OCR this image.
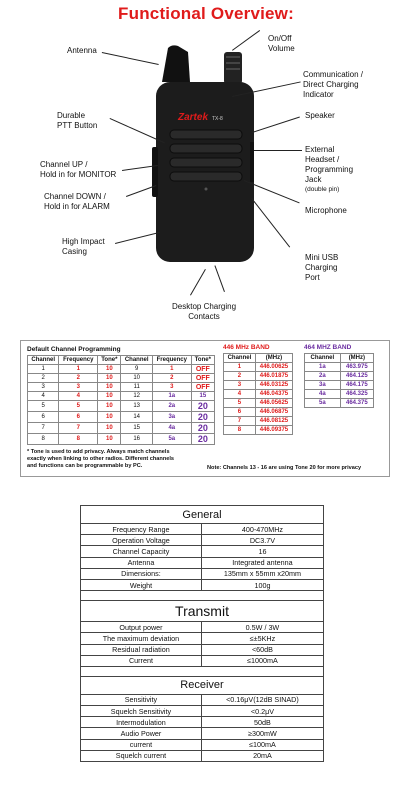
Functional Overview:
Zartek TX-8
Antenna
On/Off
Volume
Communication /
Direct Charging
Indicator
Durable
PTT Button
Speaker
Channel UP /
Hold in for MONITOR
External
Headset /
Programming
Jack
(double pin)
Channel DOWN /
Hold in for ALARM	Microphone
High Impact
Casing
Mini USB
Charging
Port
Desktop Charging
Contacts
Default Channel Programming
Channel	Frequency	Tone*	Channel	Frequency	Tone*
1	1	10	9	1	OFF
2	2	10	10	2	OFF
3	3	10	11	3	OFF
4	4	10	12	1a	15
5	5	10	13	2a	20
6	6	10	14	3a	20
7	7	10	15	4a	20
8	8	10	16	5a	20
* Tone is used to add privacy. Always match channels
exactly when linking to other radios. Different channels
and functions can be programmable by PC.
446 MHz BAND
Channel	(MHz)
1	446.00625
2	446.01875
3	446.03125
4	446.04375
5	446.05625
6	446.06875
7	446.08125
8	446.09375
464 MHZ BAND
Channel	(MHz)
1a	463.975
2a	464.125
3a	464.175
4a	464.325
5a	464.375
Note: Channels 13 - 16 are using Tone 20 for more privacy
General	
Frequency Range	400-470MHz
Operation Voltage	DC3.7V
Channel Capacity	16
Antenna	Integrated antenna
Dimensions:	135mm x 55mm x20mm
Weight	100g

Transmit	
Output power	0.5W / 3W
The maximum deviation	≤±5KHz
Residual radiation	<60dB
Current	≤1000mA

Receiver	
Sensitivity	<0.16μV(12dB SINAD)
Squelch Sensitivity	<0.2μV
Intermodulation	50dB
Audio Power	≥300mW
current	≤100mA
Squelch current	20mA
